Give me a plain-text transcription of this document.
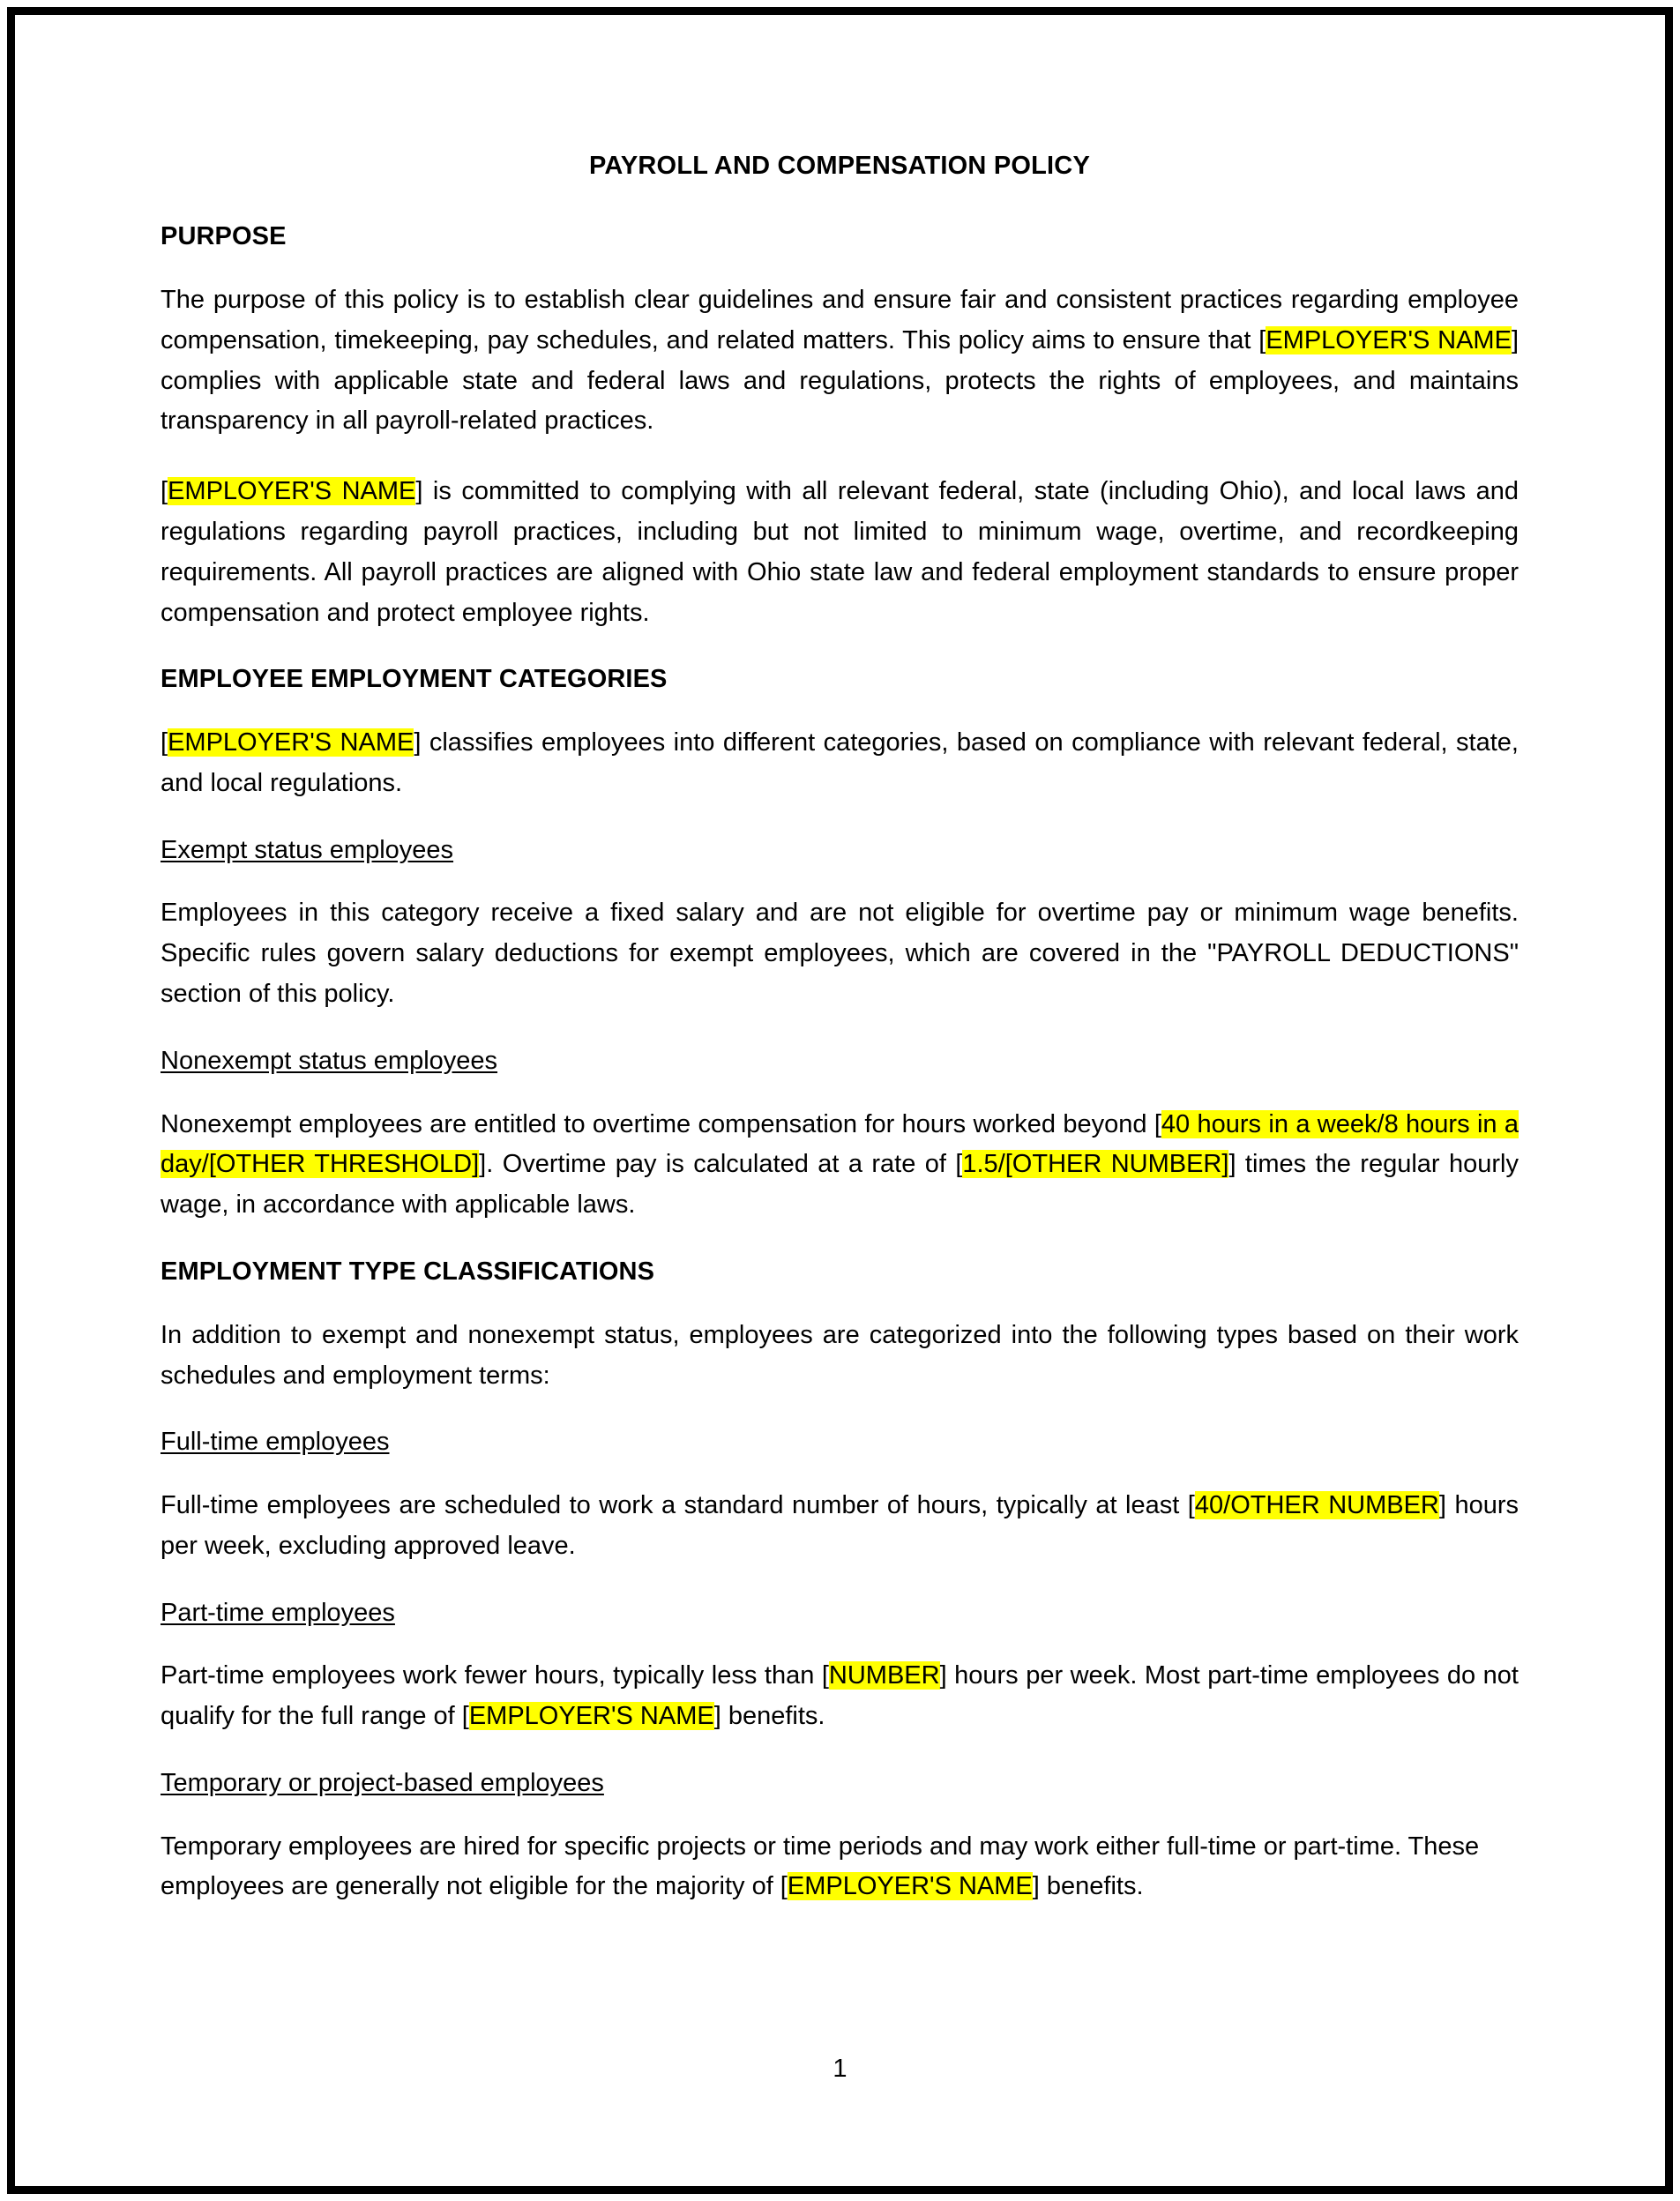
PAYROLL AND COMPENSATION POLICY
PURPOSE

The purpose of this policy is to establish clear guidelines and ensure fair and consistent practices regarding employee compensation, timekeeping, pay schedules, and related matters. This policy aims to ensure that [EMPLOYER'S NAME] complies with applicable state and federal laws and regulations, protects the rights of employees, and maintains transparency in all payroll-related practices.

[EMPLOYER'S NAME] is committed to complying with all relevant federal, state (including Ohio), and local laws and regulations regarding payroll practices, including but not limited to minimum wage, overtime, and recordkeeping requirements. All payroll practices are aligned with Ohio state law and federal employment standards to ensure proper compensation and protect employee rights.

EMPLOYEE EMPLOYMENT CATEGORIES

[EMPLOYER'S NAME] classifies employees into different categories, based on compliance with relevant federal, state, and local regulations.

Exempt status employees

Employees in this category receive a fixed salary and are not eligible for overtime pay or minimum wage benefits. Specific rules govern salary deductions for exempt employees, which are covered in the "PAYROLL DEDUCTIONS" section of this policy.

Nonexempt status employees

Nonexempt employees are entitled to overtime compensation for hours worked beyond [40 hours in a week/8 hours in a day/[OTHER THRESHOLD]]. Overtime pay is calculated at a rate of [1.5/[OTHER NUMBER]] times the regular hourly wage, in accordance with applicable laws.

EMPLOYMENT TYPE CLASSIFICATIONS

In addition to exempt and nonexempt status, employees are categorized into the following types based on their work schedules and employment terms:

Full-time employees

Full-time employees are scheduled to work a standard number of hours, typically at least [40/OTHER NUMBER] hours per week, excluding approved leave.

Part-time employees

Part-time employees work fewer hours, typically less than [NUMBER] hours per week. Most part-time employees do not qualify for the full range of [EMPLOYER'S NAME] benefits.

Temporary or project-based employees

Temporary employees are hired for specific projects or time periods and may work either full-time or part-time. These employees are generally not eligible for the majority of [EMPLOYER'S NAME] benefits.

1
